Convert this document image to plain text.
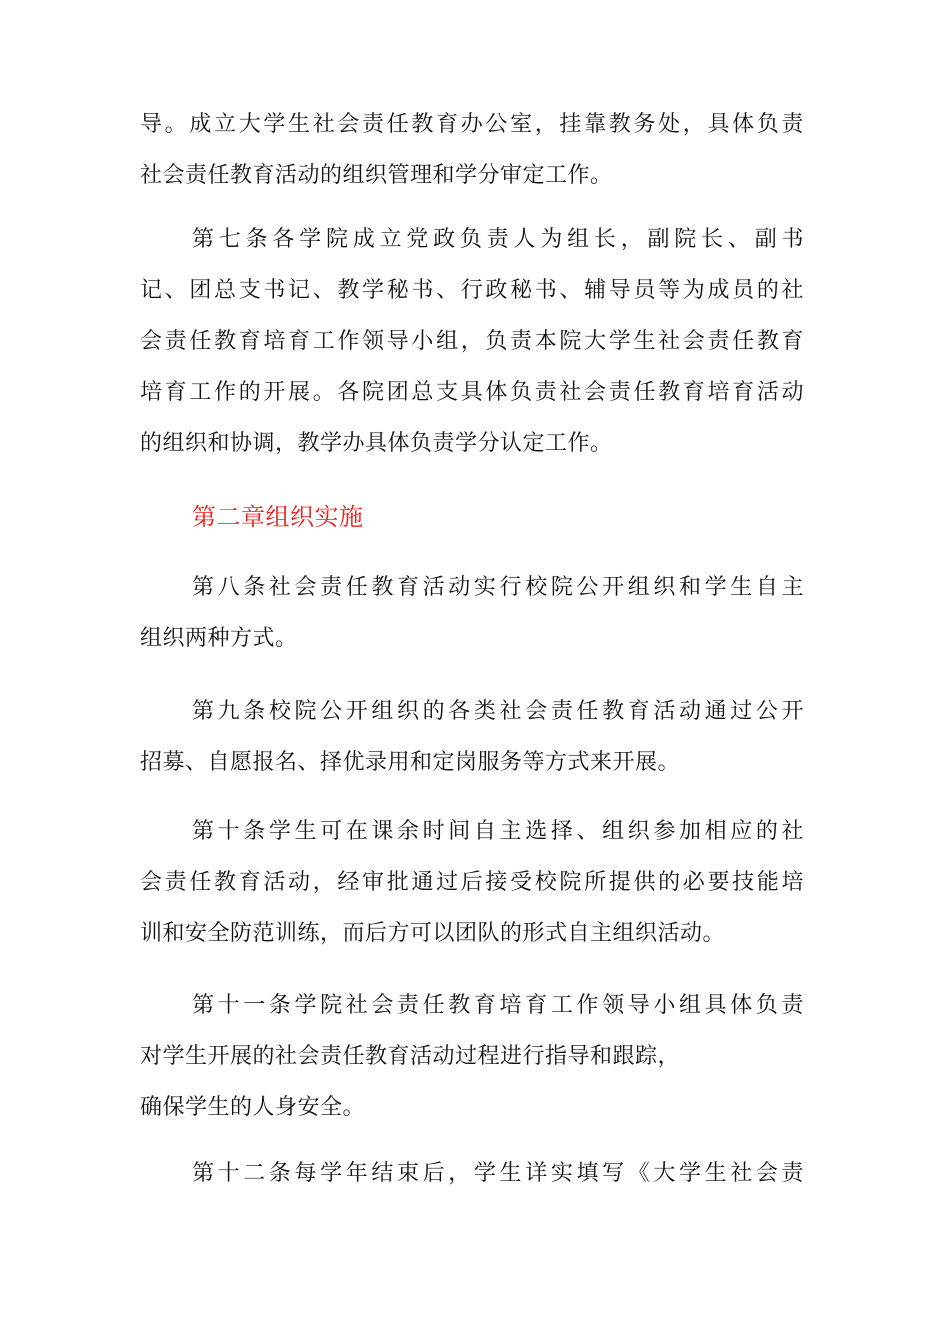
导。成立大学生社会责任教育办公室，挂靠教务处，具体负责
社会责任教育活动的组织管理和学分审定工作。
第七条各学院成立党政负责人为组长，副院长、副书
记、团总支书记、教学秘书、行政秘书、辅导员等为成员的社
会责任教育培育工作领导小组，负责本院大学生社会责任教育
培育工作的开展。各院团总支具体负责社会责任教育培育活动
的组织和协调，教学办具体负责学分认定工作。
第二章组织实施
第八条社会责任教育活动实行校院公开组织和学生自主
组织两种方式。
第九条校院公开组织的各类社会责任教育活动通过公开
招募、自愿报名、择优录用和定岗服务等方式来开展。
第十条学生可在课余时间自主选择、组织参加相应的社
会责任教育活动，经审批通过后接受校院所提供的必要技能培
训和安全防范训练，而后方可以团队的形式自主组织活动。
第十一条学院社会责任教育培育工作领导小组具体负责
对学生开展的社会责任教育活动过程进行指导和跟踪，
确保学生的人身安全。
第十二条每学年结束后，学生详实填写《大学生社会责
